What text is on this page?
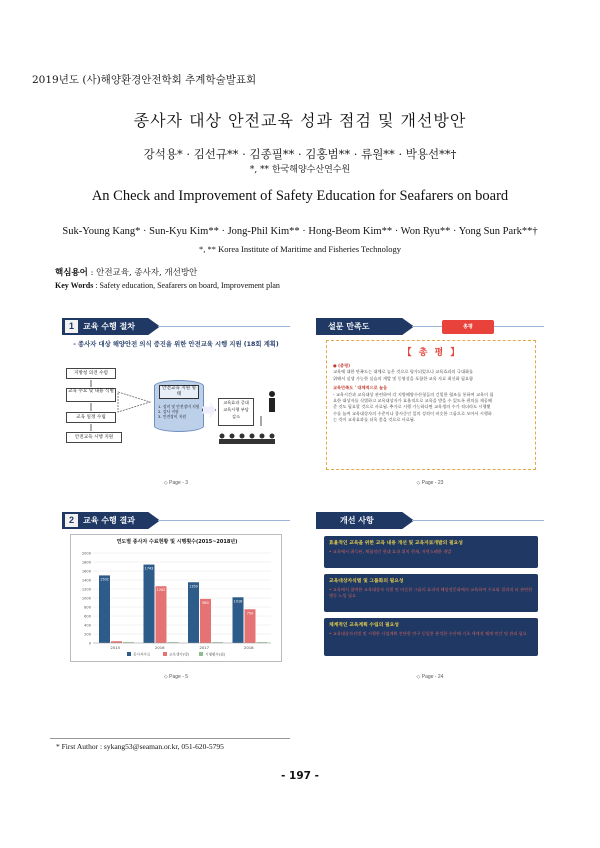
2019년도 (사)해양환경안전학회 추계학술발표회
종사자 대상 안전교육 성과 점검 및 개선방안
강석용* · 김선규** · 김종필** · 김홍범** · 류원** · 박용선**†
*, ** 한국해양수산연수원
An Check and Improvement of Safety Education for Seafarers on board
Suk-Young Kang* · Sun-Kyu Kim** · Jong-Phil Kim** · Hong-Beom Kim** · Won Ryu** · Yong Sun Park**†
*, ** Korea Institute of Maritime and Fisheries Technology
핵심용어 : 안전교육, 종사자, 개선방안
Key Words : Safety education, Seafarers on board, Improvement plan
1	교육 수행 절차
- 종사자 대상 해양안전 의식 증진을 위한 안전교육 시행 지원 (18회 계획)
지방청 의견 수렴
교육 수요 및 내용 식별
교육 일정 수립
안전교육 시행 지원
안전교육 지원 형태
1. 장비 및 안전장비 지원
2. 강사 지원
3. 안전장비 지원
교육효과 증대
교육시행 부담
감소
◇ Page - 3
설문 만족도	총평
【 총 평 】
● (총평)
교육에 대한 만족도는 대체로 높은 것으로 평가되었으나 교육효과의 극대화를
위해서 실생 가능한 실습의 개발 및 동영상을 포함한 교육 자료 최신화 필요함
교육만족도 ' 대체적으로 높음
- 교육시간과 교육대상 관련하여 각 지방해양수산청들의 긴밀한 협조를 통하여 교육이 필
요한 대상자를 식별하고 교육대상자가 효율적으로 교육을 받을 수 있도록 편의를 제공해
준 것도 필요할 것으로 사료됨. 추가로 시행 가능하다면 교육생의 수가 적더라도 시행횟
수를 늘여 교육대상자의 수준이나 종사중인 일의 성격이 비슷한 그룹으로 모아서 시행하
는 것이 교육효과를 더욱 좋을 것으로 사료됨.
◇ Page - 23
2	교육 수행 결과
연도별 종사자 수료현황 및 시행횟수(2015~2018년)
0
200
400
600
800
1000
1200
1400
1600
1800
2000
1502
2015
1743
1262
2016
1350
980
2017
1016
750
2018
종사자수료	교육생수(명)	시행횟수(회)
◇ Page - 5
개선 사항
효율적인 교육을 위한 교육 내용 개선 및 교육자료개발의 필요성
• 교육에서 취득된, 체험적인 현대 효과 위치 현재, 자연스레한 개발
교육대상자식별 및 그룹화의 필요성
• 교육에서 참여한 교육대상자 식별 및 비슷한 그룹의 효과적 해당전문화에서 교육하여 수요와 결과적 더 관련한 행동 느낌 필요
체계적인 교육계획 수립의 필요성
• 교육대상자선별 및 시행한 사업계획 간단한 연구 동일한 분석한 수산에 기초 세계적 체계 연간 및 관리 필요
◇ Page - 24
* First Author : sykang53@seaman.or.kr, 051-620-5795
- 197 -
